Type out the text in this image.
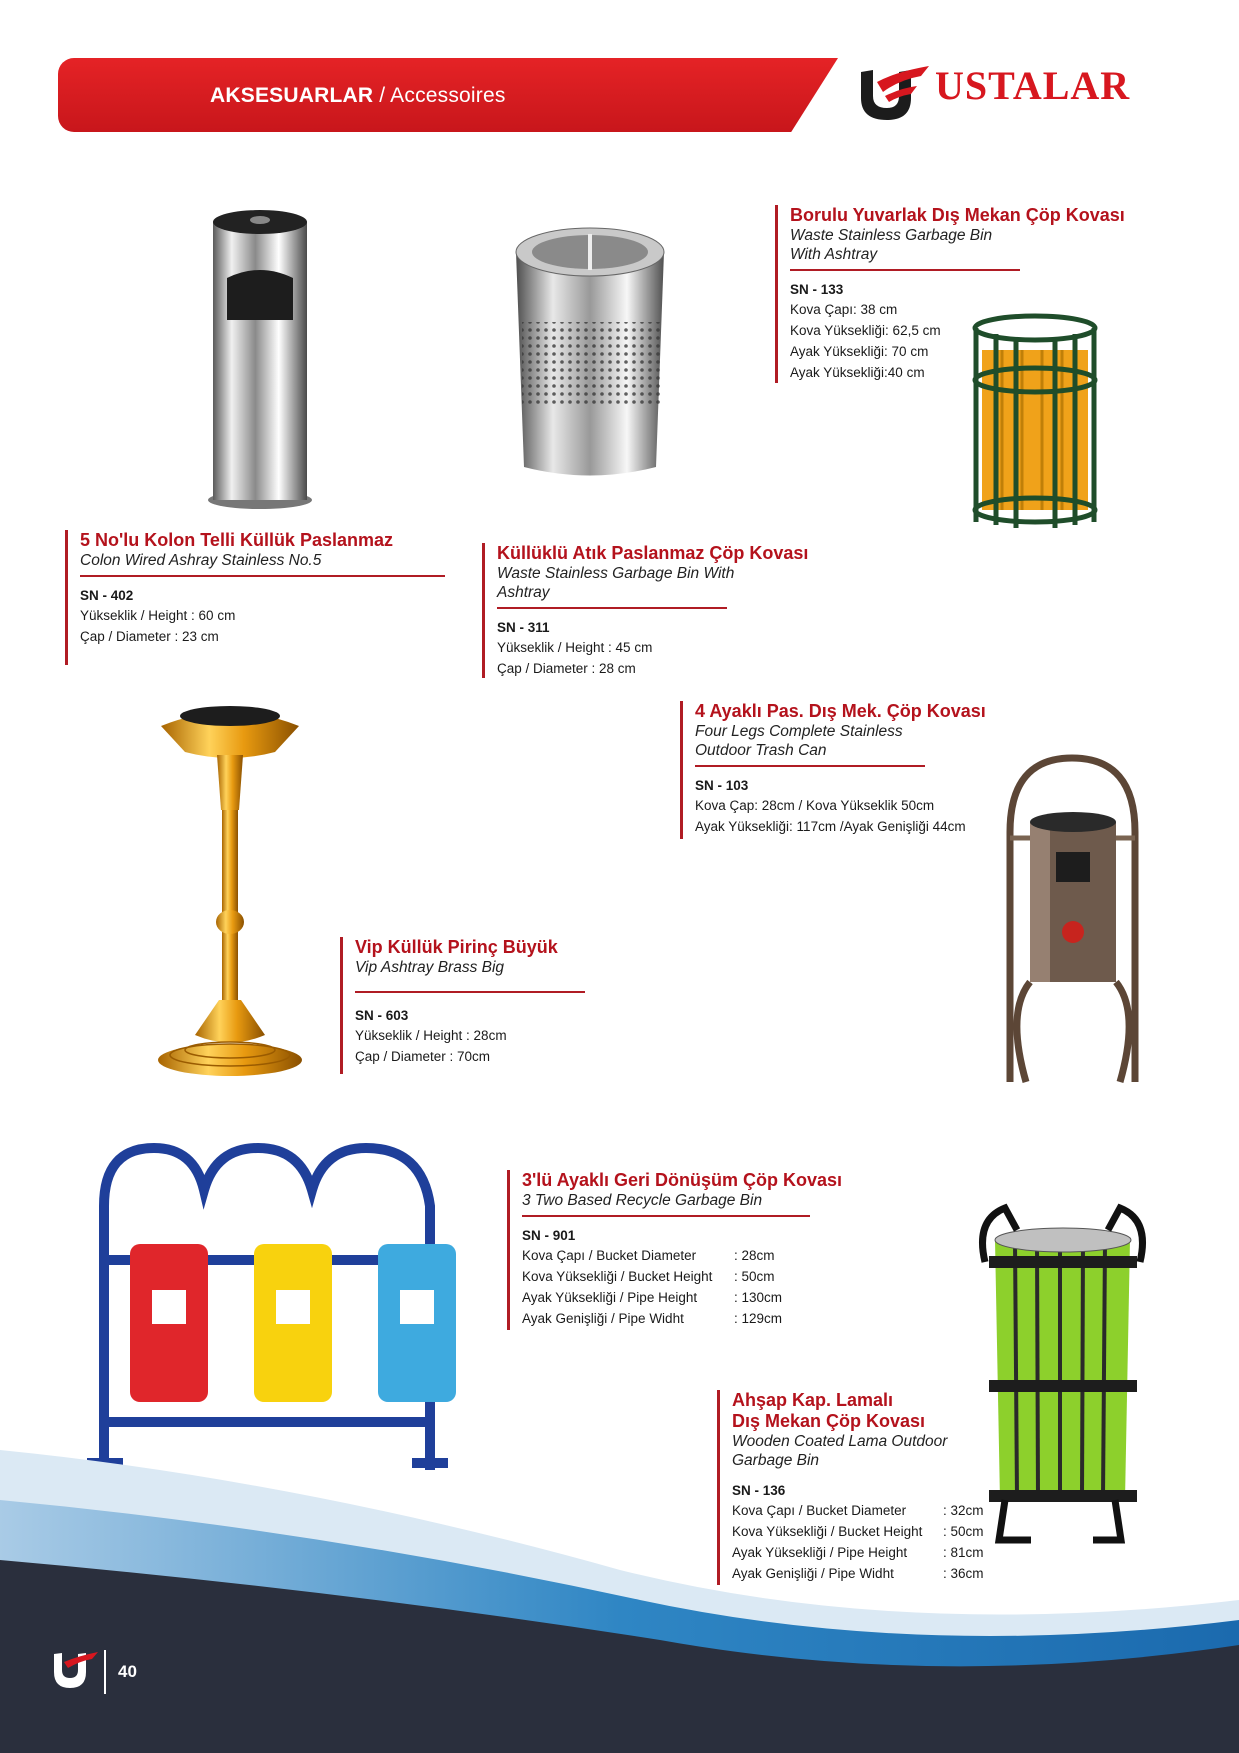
AKSESUARLAR / Accessoires	USTALAR
ÇEVREMİZİ
TEMİZ TUTALIM
Borulu Yuvarlak Dış Mekan Çöp Kovası
Waste Stainless Garbage Bin With Ashtray
SN - 133
Kova Çapı: 38 cm
Kova Yüksekliği: 62,5 cm
Ayak Yüksekliği: 70 cm
Ayak Yüksekliği:40 cm
5 No'lu Kolon Telli Küllük Paslanmaz
Colon Wired Ashray Stainless No.5
SN - 402
Yükseklik / Height : 60 cm
Çap / Diameter : 23 cm
Küllüklü Atık Paslanmaz Çöp Kovası
Waste Stainless Garbage Bin With Ashtray
SN - 311
Yükseklik / Height : 45 cm
Çap / Diameter : 28 cm
4 Ayaklı Pas. Dış Mek. Çöp Kovası
Four Legs Complete Stainless
Outdoor Trash Can
SN - 103
Kova Çap: 28cm / Kova Yükseklik 50cm
Ayak Yüksekliği: 117cm /Ayak Genişliği 44cm
Vip Küllük Pirinç Büyük
Vip Ashtray Brass Big
SN - 603
Yükseklik / Height : 28cm
Çap / Diameter : 70cm
3'lü Ayaklı Geri Dönüşüm Çöp Kovası
3 Two Based Recycle Garbage Bin
SN - 901
Kova Çapı / Bucket Diameter	: 28cm
Kova Yüksekliği / Bucket Height	: 50cm
Ayak Yüksekliği / Pipe Height	: 130cm
Ayak Genişliği / Pipe Widht	: 129cm
Ahşap Kap. Lamalı
Dış Mekan Çöp Kovası
Wooden Coated Lama Outdoor
Garbage Bin
SN - 136
Kova Çapı / Bucket Diameter	: 32cm
Kova Yüksekliği / Bucket Height	: 50cm
Ayak Yüksekliği / Pipe Height	: 81cm
Ayak Genişliği / Pipe Widht	: 36cm
40
